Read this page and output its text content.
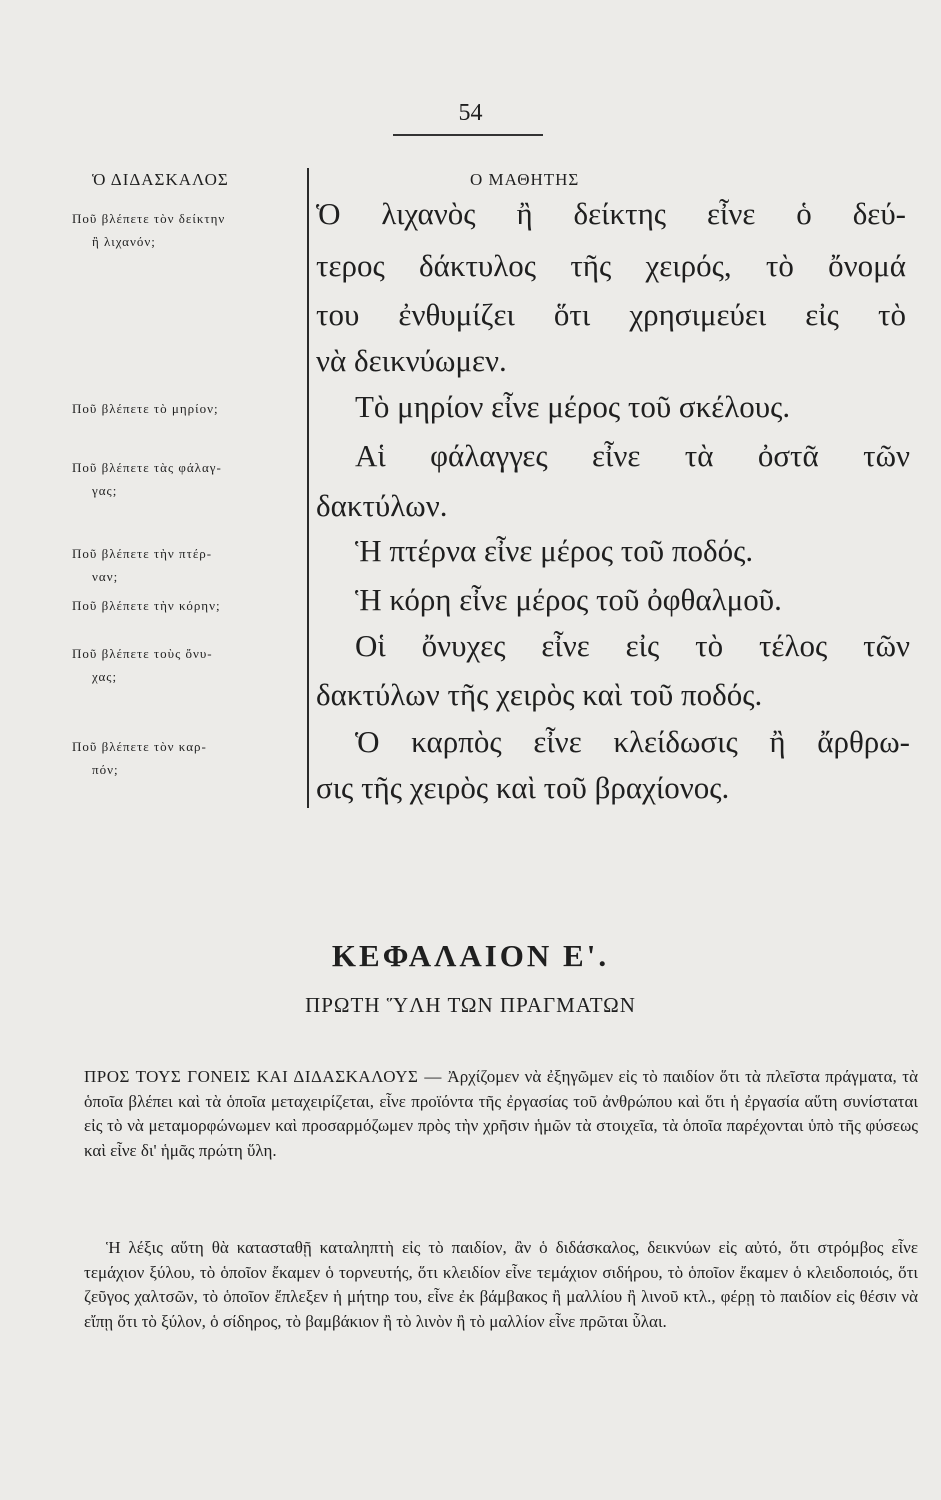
54
Ὁ ΔΙΔΑΣΚΑΛΟΣ	Ο ΜΑΘΗΤΗΣ
Ποῦ βλέπετε τὸν δείκτην
ἢ λιχανόν;
Ποῦ βλέπετε τὸ μηρίον;
Ποῦ βλέπετε τὰς φάλαγ-
γας;
Ποῦ βλέπετε τὴν πτέρ-
ναν;
Ποῦ βλέπετε τὴν κόρην;
Ποῦ βλέπετε τοὺς ὄνυ-
χας;
Ποῦ βλέπετε τὸν καρ-
πόν;
Ὁ λιχανὸς ἢ δείκτης εἶνε ὁ δεύ-
τερος δάκτυλος τῆς χειρός, τὸ ὄνομά
του ἐνθυμίζει ὅτι χρησιμεύει εἰς τὸ
νὰ δεικνύωμεν.
Τὸ μηρίον εἶνε μέρος τοῦ σκέλους.
Αἱ φάλαγγες εἶνε τὰ ὀστᾶ τῶν
δακτύλων.
Ἡ πτέρνα εἶνε μέρος τοῦ ποδός.
Ἡ κόρη εἶνε μέρος τοῦ ὀφθαλμοῦ.
Οἱ ὄνυχες εἶνε εἰς τὸ τέλος τῶν
δακτύλων τῆς χειρὸς καὶ τοῦ ποδός.
Ὁ καρπὸς εἶνε κλείδωσις ἢ ἄρθρω-
σις τῆς χειρὸς καὶ τοῦ βραχίονος.
ΚΕΦΑΛΑΙΟΝ Ε'.
ΠΡΩΤΗ ὝΛΗ ΤΩΝ ΠΡΑΓΜΑΤΩΝ
ΠΡΟΣ ΤΟΥΣ ΓΟΝΕΙΣ ΚΑΙ ΔΙΔΑΣΚΑΛΟΥΣ — Ἀρχίζομεν νὰ ἐξηγῶμεν εἰς τὸ παιδίον ὅτι τὰ πλεῖστα πράγματα, τὰ ὁποῖα βλέπει καὶ τὰ ὁποῖα μεταχειρίζεται, εἶνε προϊόντα τῆς ἐργασίας τοῦ ἀνθρώπου καὶ ὅτι ἡ ἐργασία αὕτη συνίσταται εἰς τὸ νὰ μεταμορφώνωμεν καὶ προσαρμόζωμεν πρὸς τὴν χρῆσιν ἡμῶν τὰ στοιχεῖα, τὰ ὁποῖα παρέχονται ὑπὸ τῆς φύσεως καὶ εἶνε δι' ἡμᾶς πρώτη ὕλη.
Ἡ λέξις αὕτη θὰ κατασταθῇ καταληπτὴ εἰς τὸ παιδίον, ἂν ὁ διδάσκαλος, δεικνύων εἰς αὐτό, ὅτι στρόμβος εἶνε τεμάχιον ξύλου, τὸ ὁποῖον ἔκαμεν ὁ τορνευτής, ὅτι κλειδίον εἶνε τεμάχιον σιδήρου, τὸ ὁποῖον ἔκαμεν ὁ κλειδοποιός, ὅτι ζεῦγος χαλτσῶν, τὸ ὁποῖον ἔπλεξεν ἡ μήτηρ του, εἶνε ἐκ βάμβακος ἢ μαλλίου ἢ λινοῦ κτλ., φέρῃ τὸ παιδίον εἰς θέσιν νὰ εἴπῃ ὅτι τὸ ξύλον, ὁ σίδηρος, τὸ βαμβάκιον ἢ τὸ λινὸν ἢ τὸ μαλλίον εἶνε πρῶται ὗλαι.
